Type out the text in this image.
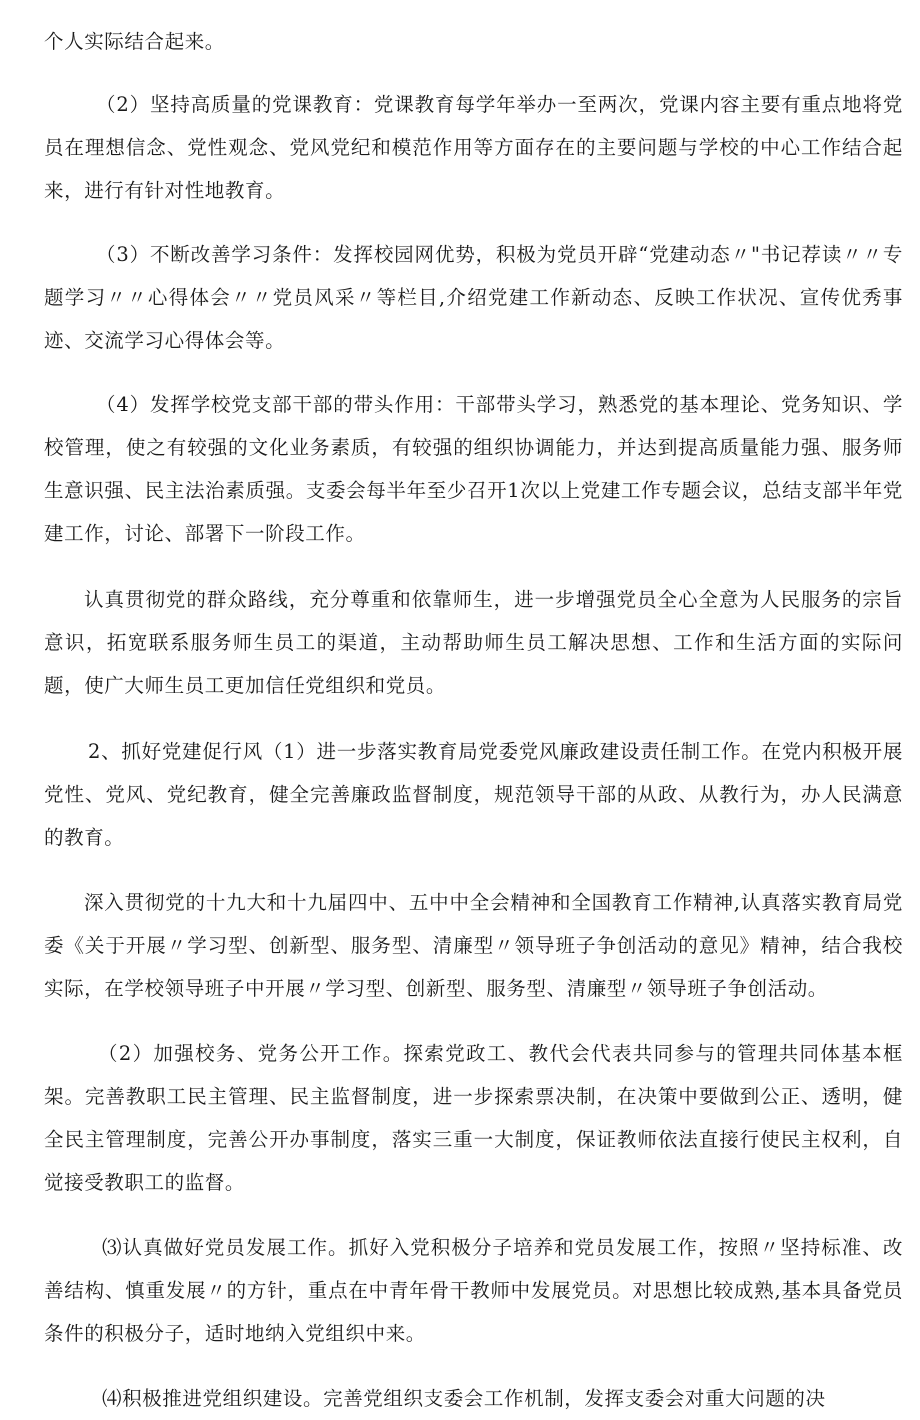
个人实际结合起来。

（2）坚持高质量的党课教育：党课教育每学年举办一至两次，党课内容主要有重点地将党员在理想信念、党性观念、党风党纪和模范作用等方面存在的主要问题与学校的中心工作结合起来，进行有针对性地教育。

（3）不断改善学习条件：发挥校园网优势，积极为党员开辟“党建动态〃"书记荐读〃〃专题学习〃〃心得体会〃〃党员风采〃等栏目,介绍党建工作新动态、反映工作状况、宣传优秀事迹、交流学习心得体会等。

（4）发挥学校党支部干部的带头作用：干部带头学习，熟悉党的基本理论、党务知识、学校管理，使之有较强的文化业务素质，有较强的组织协调能力，并达到提高质量能力强、服务师生意识强、民主法治素质强。支委会每半年至少召开1次以上党建工作专题会议，总结支部半年党建工作，讨论、部署下一阶段工作。

认真贯彻党的群众路线，充分尊重和依靠师生，进一步增强党员全心全意为人民服务的宗旨意识，拓宽联系服务师生员工的渠道，主动帮助师生员工解决思想、工作和生活方面的实际问题，使广大师生员工更加信任党组织和党员。

2、抓好党建促行风（1）进一步落实教育局党委党风廉政建设责任制工作。在党内积极开展党性、党风、党纪教育，健全完善廉政监督制度，规范领导干部的从政、从教行为，办人民满意的教育。

深入贯彻党的十九大和十九届四中、五中中全会精神和全国教育工作精神,认真落实教育局党委《关于开展〃学习型、创新型、服务型、清廉型〃领导班子争创活动的意见》精神，结合我校实际，在学校领导班子中开展〃学习型、创新型、服务型、清廉型〃领导班子争创活动。

（2）加强校务、党务公开工作。探索党政工、教代会代表共同参与的管理共同体基本框架。完善教职工民主管理、民主监督制度，进一步探索票决制，在决策中要做到公正、透明，健全民主管理制度，完善公开办事制度，落实三重一大制度，保证教师依法直接行使民主权利，自觉接受教职工的监督。

⑶认真做好党员发展工作。抓好入党积极分子培养和党员发展工作，按照〃坚持标准、改善结构、慎重发展〃的方针，重点在中青年骨干教师中发展党员。对思想比较成熟,基本具备党员条件的积极分子，适时地纳入党组织中来。

⑷积极推进党组织建设。完善党组织支委会工作机制，发挥支委会对重大问题的决
